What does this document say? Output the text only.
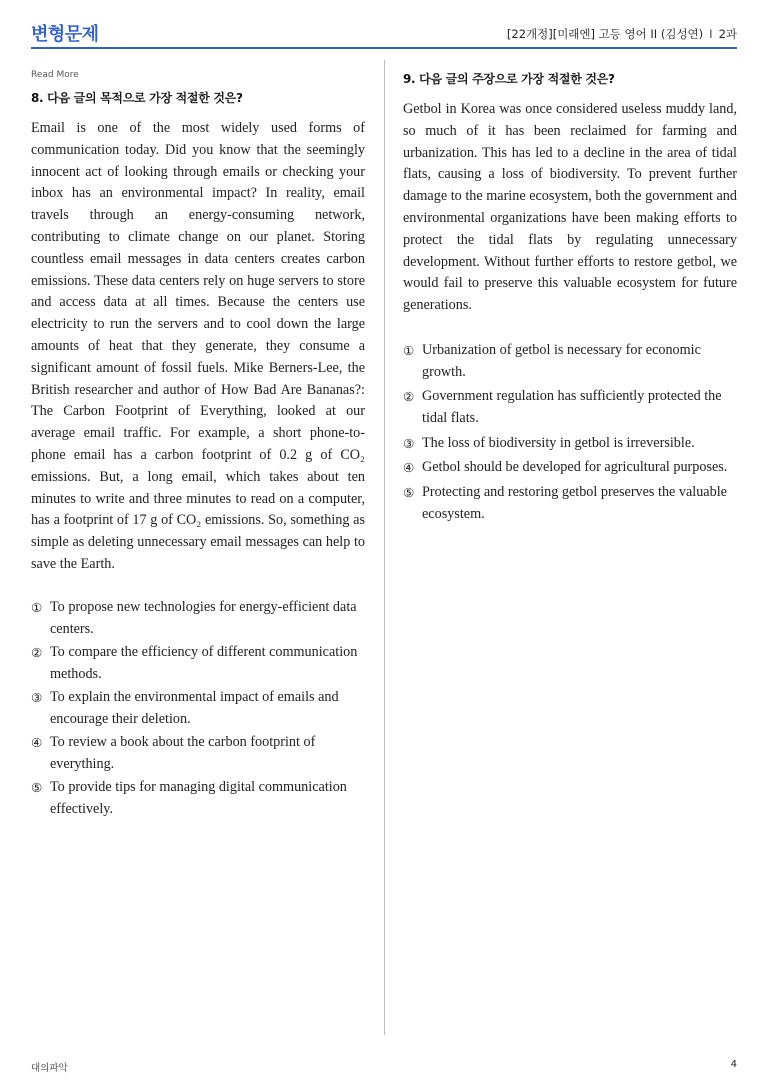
변형문제	[22개정][미래엔] 고등 영어 II (김성연) I 2과
Read More
8. 다음 글의 목적으로 가장 적절한 것은?

Email is one of the most widely used forms of communication today. Did you know that the seemingly innocent act of looking through emails or checking your inbox has an environmental impact? In reality, email travels through an energy-consuming network, contributing to climate change on our planet. Storing countless email messages in data centers creates carbon emissions. These data centers rely on huge servers to store and access data at all times. Because the centers use electricity to run the servers and to cool down the large amounts of heat that they generate, they consume a significant amount of fossil fuels. Mike Berners-Lee, the British researcher and author of How Bad Are Bananas?: The Carbon Footprint of Everything, looked at our average email traffic. For example, a short phone-to-phone email has a carbon footprint of 0.2 g of CO₂ emissions. But, a long email, which takes about ten minutes to write and three minutes to read on a computer, has a footprint of 17 g of CO₂ emissions. So, something as simple as deleting unnecessary email messages can help to save the Earth.

① To propose new technologies for energy-efficient data centers.
② To compare the efficiency of different communication methods.
③ To explain the environmental impact of emails and encourage their deletion.
④ To review a book about the carbon footprint of everything.
⑤ To provide tips for managing digital communication effectively.
9. 다음 글의 주장으로 가장 적절한 것은?

Getbol in Korea was once considered useless muddy land, so much of it has been reclaimed for farming and urbanization. This has led to a decline in the area of tidal flats, causing a loss of biodiversity. To prevent further damage to the marine ecosystem, both the government and environmental organizations have been making efforts to protect the tidal flats by regulating unnecessary development. Without further efforts to restore getbol, we would fail to preserve this valuable ecosystem for future generations.

① Urbanization of getbol is necessary for economic growth.
② Government regulation has sufficiently protected the tidal flats.
③ The loss of biodiversity in getbol is irreversible.
④ Getbol should be developed for agricultural purposes.
⑤ Protecting and restoring getbol preserves the valuable ecosystem.
대의파악	4
